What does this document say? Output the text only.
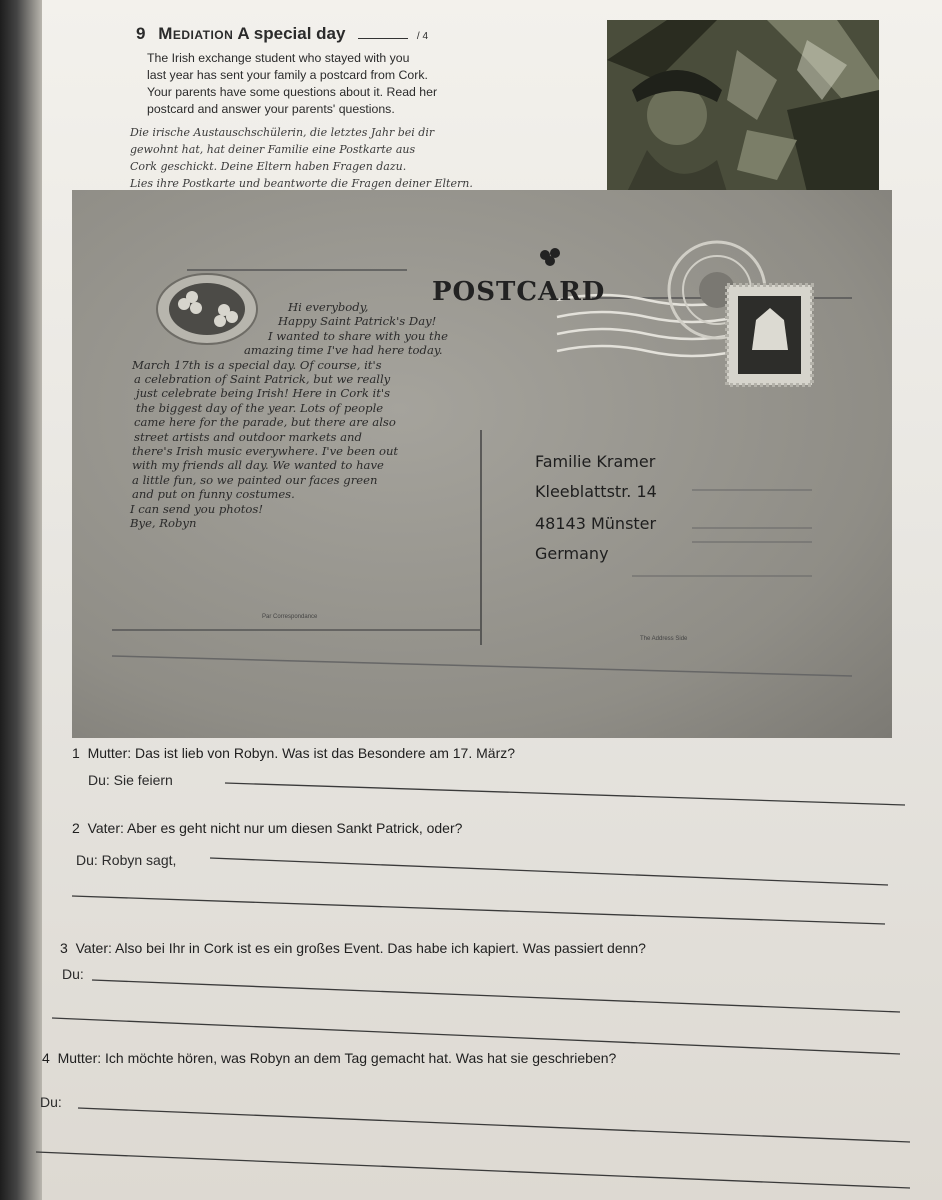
9 Mediation A special day	/ 4
The Irish exchange student who stayed with you
last year has sent your family a postcard from Cork.
Your parents have some questions about it. Read her
postcard and answer your parents' questions.
Die irische Austauschschülerin, die letztes Jahr bei dir
gewohnt hat, hat deiner Familie eine Postkarte aus
Cork geschickt. Deine Eltern haben Fragen dazu.
Lies ihre Postkarte und beantworte die Fragen deiner Eltern.
POSTCARD
Hi everybody,
Happy Saint Patrick's Day!
I wanted to share with you the
amazing time I've had here today.
March 17th is a special day. Of course, it's
a celebration of Saint Patrick, but we really
just celebrate being Irish! Here in Cork it's
the biggest day of the year. Lots of people
came here for the parade, but there are also
street artists and outdoor markets and
there's Irish music everywhere. I've been out
with my friends all day. We wanted to have
a little fun, so we painted our faces green
and put on funny costumes.
I can send you photos!
Bye, Robyn
Familie Kramer
Kleeblattstr. 14
48143 Münster
Germany
Par Correspondance
The Address Side
1 Mutter: Das ist lieb von Robyn. Was ist das Besondere am 17. März?
Du: Sie feiern
2 Vater: Aber es geht nicht nur um diesen Sankt Patrick, oder?
Du: Robyn sagt,
3 Vater: Also bei Ihr in Cork ist es ein großes Event. Das habe ich kapiert. Was passiert denn?
Du:
4 Mutter: Ich möchte hören, was Robyn an dem Tag gemacht hat. Was hat sie geschrieben?
Du:
